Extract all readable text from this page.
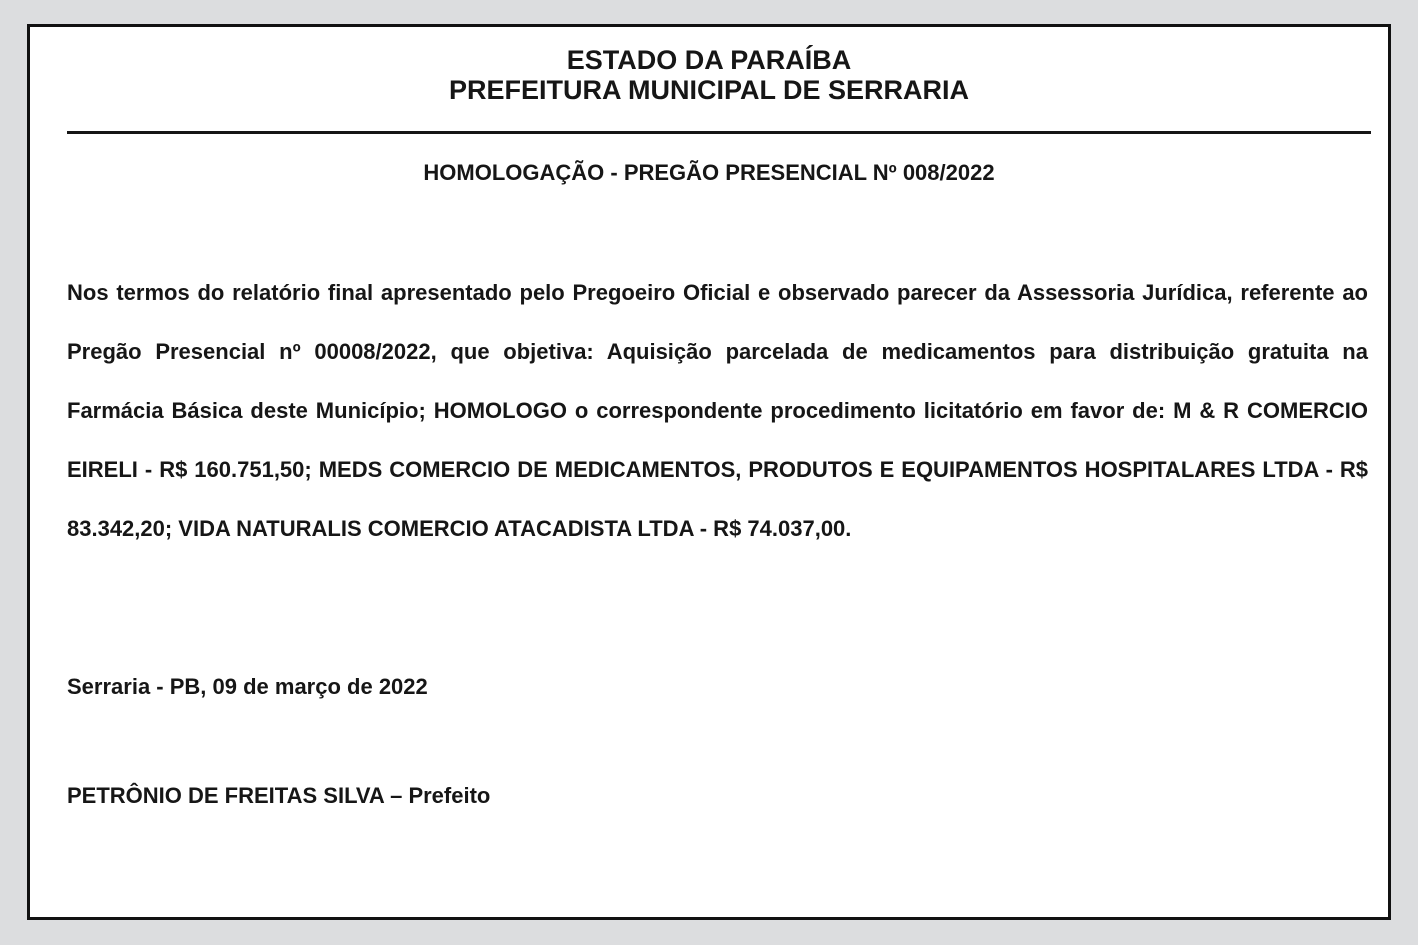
ESTADO DA PARAÍBA
PREFEITURA MUNICIPAL DE SERRARIA
HOMOLOGAÇÃO - PREGÃO PRESENCIAL Nº 008/2022

Nos termos do relatório final apresentado pelo Pregoeiro Oficial e observado parecer da Assessoria Jurídica, referente ao Pregão Presencial nº 00008/2022, que objetiva: Aquisição parcelada de medicamentos para distribuição gratuita na Farmácia Básica deste Município; HOMOLOGO o correspondente procedimento licitatório em favor de: M & R COMERCIO EIRELI - R$ 160.751,50; MEDS COMERCIO DE MEDICAMENTOS, PRODUTOS E EQUIPAMENTOS HOSPITALARES LTDA - R$ 83.342,20; VIDA NATURALIS COMERCIO ATACADISTA LTDA - R$ 74.037,00.

Serraria - PB, 09 de março de 2022
PETRÔNIO DE FREITAS SILVA – Prefeito
